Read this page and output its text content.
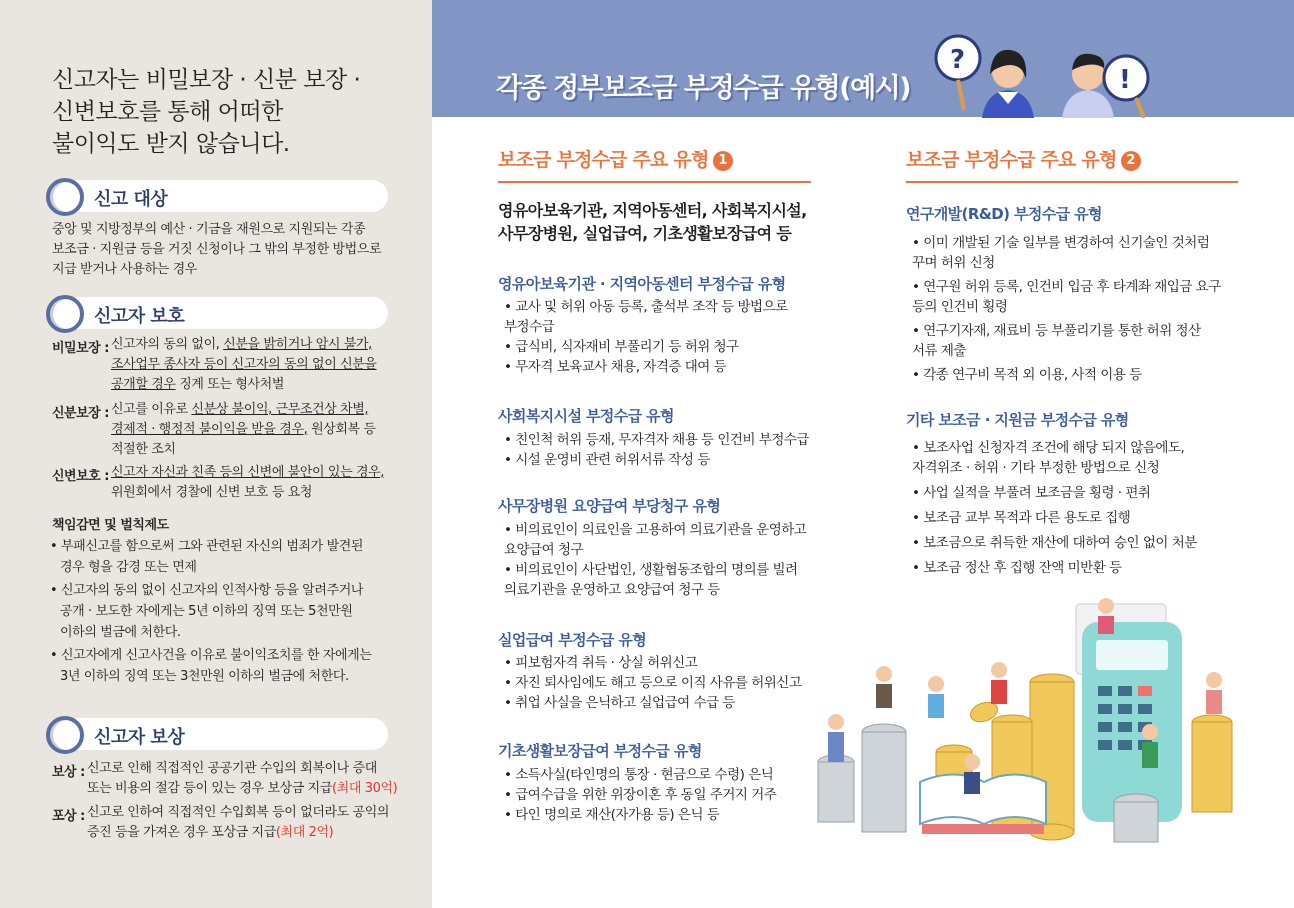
신고자는 비밀보장 · 신분 보장 ·
신변보호를 통해 어떠한
불이익도 받지 않습니다.
신고 대상
중앙 및 지방정부의 예산 · 기금을 재원으로 지원되는 각종
보조금 · 지원금 등을 거짓 신청이나 그 밖의 부정한 방법으로
지급 받거나 사용하는 경우
신고자 보호
비밀보장 : 신고자의 동의 없이, 신분을 밝히거나 암시 불가,
조사업무 종사자 등이 신고자의 동의 없이 신분을
공개할 경우 징계 또는 형사처벌
신분보장 : 신고를 이유로 신분상 불이익, 근무조건상 차별,
경제적 · 행정적 불이익을 받을 경우, 원상회복 등
적절한 조치
신변보호 : 신고자 자신과 친족 등의 신변에 불안이 있는 경우,
위원회에서 경찰에 신변 보호 등 요청
책임감면 및 벌칙제도
• 부패신고를 함으로써 그와 관련된 자신의 범죄가 발견된
경우 형을 감경 또는 면제
• 신고자의 동의 없이 신고자의 인적사항 등을 알려주거나
공개 · 보도한 자에게는 5년 이하의 징역 또는 5천만원
이하의 벌금에 처한다.
• 신고자에게 신고사건을 이유로 불이익조치를 한 자에게는
3년 이하의 징역 또는 3천만원 이하의 벌금에 처한다.
신고자 보상
보상 : 신고로 인해 직접적인 공공기관 수입의 회복이나 증대
또는 비용의 절감 등이 있는 경우 보상금 지급(최대 30억)
포상 : 신고로 인하여 직접적인 수입회복 등이 없더라도 공익의
증진 등을 가져온 경우 포상금 지급(최대 2억)
각종 정부보조금 부정수급 유형(예시)
?
!
보조금 부정수급 주요 유형 1
영유아보육기관, 지역아동센터, 사회복지시설,
사무장병원, 실업급여, 기초생활보장급여 등
영유아보육기관 · 지역아동센터 부정수급 유형
• 교사 및 허위 아동 등록, 출석부 조작 등 방법으로
부정수급
• 급식비, 식자재비 부풀리기 등 허위 청구
• 무자격 보육교사 채용, 자격증 대여 등
사회복지시설 부정수급 유형
• 친인척 허위 등재, 무자격자 채용 등 인건비 부정수급
• 시설 운영비 관련 허위서류 작성 등
사무장병원 요양급여 부당청구 유형
• 비의료인이 의료인을 고용하여 의료기관을 운영하고
요양급여 청구
• 비의료인이 사단법인, 생활협동조합의 명의를 빌려
의료기관을 운영하고 요양급여 청구 등
실업급여 부정수급 유형
• 피보험자격 취득 · 상실 허위신고
• 자진 퇴사임에도 해고 등으로 이직 사유를 허위신고
• 취업 사실을 은닉하고 실업급여 수급 등
기초생활보장급여 부정수급 유형
• 소득사실(타인명의 통장 · 현금으로 수령) 은닉
• 급여수급을 위한 위장이혼 후 동일 주거지 거주
• 타인 명의로 재산(자가용 등) 은닉 등
보조금 부정수급 주요 유형 2
연구개발(R&D) 부정수급 유형
• 이미 개발된 기술 일부를 변경하여 신기술인 것처럼
꾸며 허위 신청
• 연구원 허위 등록, 인건비 입금 후 타계좌 재입금 요구
등의 인건비 횡령
• 연구기자재, 재료비 등 부풀리기를 통한 허위 정산
서류 제출
• 각종 연구비 목적 외 이용, 사적 이용 등
기타 보조금 · 지원금 부정수급 유형
• 보조사업 신청자격 조건에 해당 되지 않음에도,
자격위조 · 허위 · 기타 부정한 방법으로 신청
• 사업 실적을 부풀려 보조금을 횡령 · 편취
• 보조금 교부 목적과 다른 용도로 집행
• 보조금으로 취득한 재산에 대하여 승인 없이 처분
• 보조금 정산 후 집행 잔액 미반환 등
